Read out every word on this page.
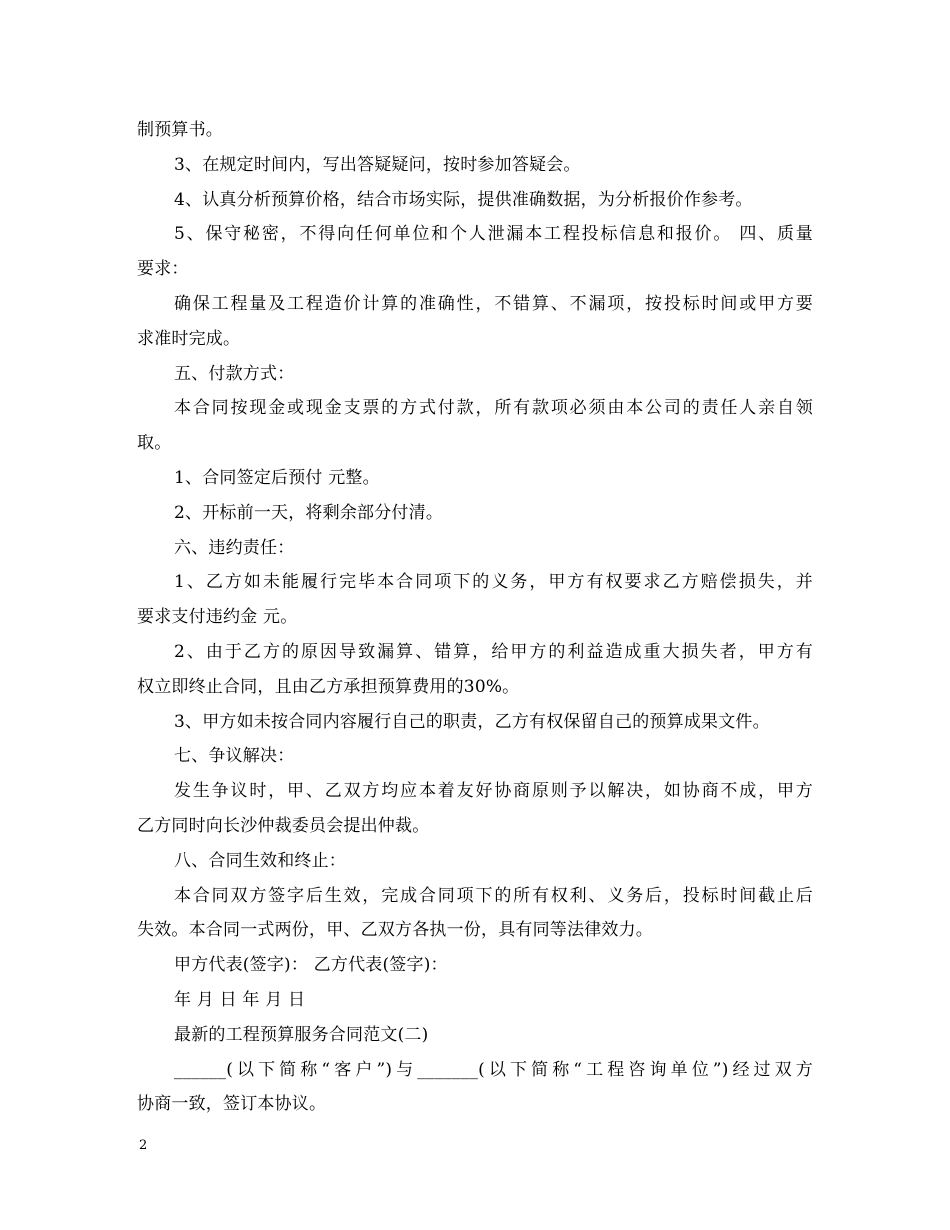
制预算书。
3、在规定时间内，写出答疑疑问，按时参加答疑会。
4、认真分析预算价格，结合市场实际，提供准确数据，为分析报价作参考。
5、保守秘密，不得向任何单位和个人泄漏本工程投标信息和报价。 四、质量
要求：
确保工程量及工程造价计算的准确性，不错算、不漏项，按投标时间或甲方要
求准时完成。
五、付款方式：
本合同按现金或现金支票的方式付款，所有款项必须由本公司的责任人亲自领
取。
1、合同签定后预付 元整。
2、开标前一天，将剩余部分付清。
六、违约责任：
1、乙方如未能履行完毕本合同项下的义务，甲方有权要求乙方赔偿损失，并
要求支付违约金 元。
2、由于乙方的原因导致漏算、错算，给甲方的利益造成重大损失者，甲方有
权立即终止合同，且由乙方承担预算费用的30%。
3、甲方如未按合同内容履行自己的职责，乙方有权保留自己的预算成果文件。
七、争议解决：
发生争议时，甲、乙双方均应本着友好协商原则予以解决，如协商不成，甲方
乙方同时向长沙仲裁委员会提出仲裁。
八、合同生效和终止：
本合同双方签字后生效，完成合同项下的所有权利、义务后，投标时间截止后
失效。本合同一式两份，甲、乙双方各执一份，具有同等法律效力。
甲方代表(签字)： 乙方代表(签字)：
年 月 日 年 月 日
最新的工程预算服务合同范文(二)
______(以下简称“客户”)与_______(以下简称“工程咨询单位”)经过双方
协商一致，签订本协议。
2
